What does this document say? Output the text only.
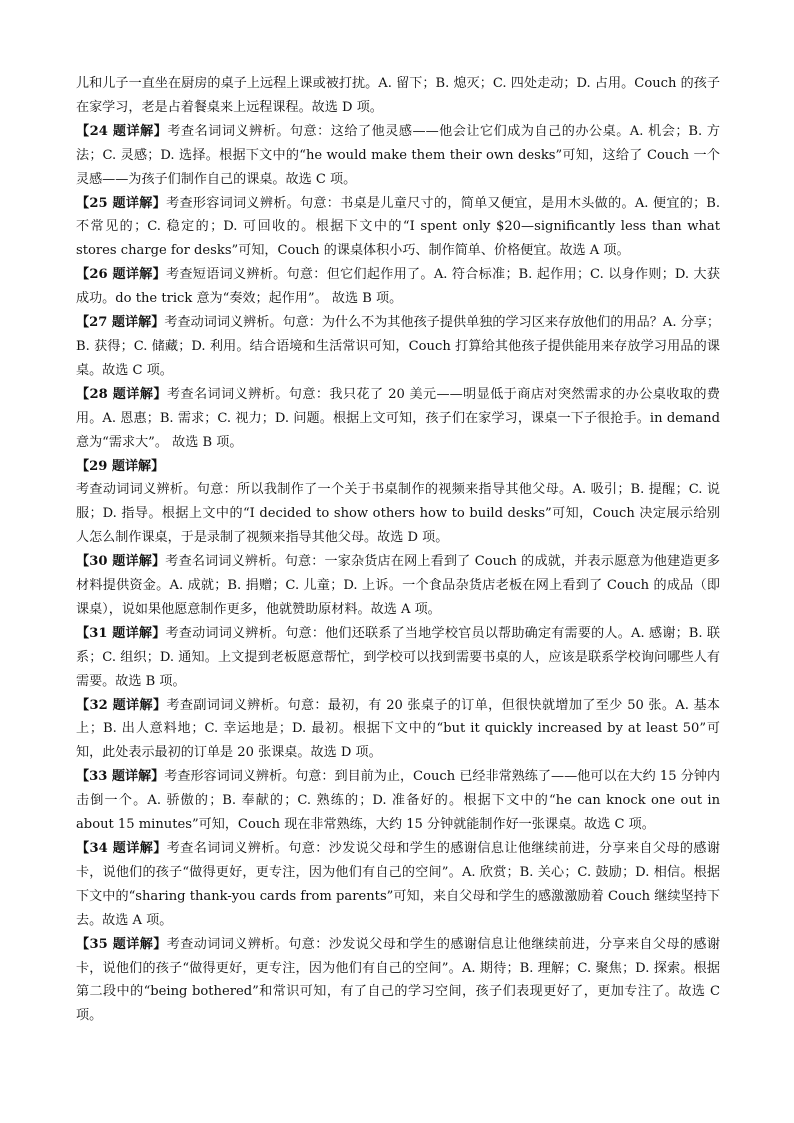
儿和儿子一直坐在厨房的桌子上远程上课或被打扰。A. 留下；B. 熄灭；C. 四处走动；D. 占用。Couch 的孩子在家学习，老是占着餐桌来上远程课程。故选 D 项。

【24 题详解】考查名词词义辨析。句意：这给了他灵感——他会让它们成为自己的办公桌。A. 机会；B. 方法；C. 灵感；D. 选择。根据下文中的“he would make them their own desks”可知，这给了 Couch 一个灵感——为孩子们制作自己的课桌。故选 C 项。

【25 题详解】考查形容词词义辨析。句意：书桌是儿童尺寸的，简单又便宜，是用木头做的。A. 便宜的；B. 不常见的；C. 稳定的；D. 可回收的。根据下文中的“I spent only $20—significantly less than what stores charge for desks”可知，Couch 的课桌体积小巧、制作简单、价格便宜。故选 A 项。

【26 题详解】考查短语词义辨析。句意：但它们起作用了。A. 符合标准；B. 起作用；C. 以身作则；D. 大获成功。do the trick 意为“奏效；起作用”。 故选 B 项。

【27 题详解】考查动词词义辨析。句意：为什么不为其他孩子提供单独的学习区来存放他们的用品？A. 分享；B. 获得；C. 储藏；D. 利用。结合语境和生活常识可知，Couch 打算给其他孩子提供能用来存放学习用品的课桌。故选 C 项。

【28 题详解】考查名词词义辨析。句意：我只花了 20 美元——明显低于商店对突然需求的办公桌收取的费用。A. 恩惠；B. 需求；C. 视力；D. 问题。根据上文可知，孩子们在家学习，课桌一下子很抢手。in demand 意为“需求大”。 故选 B 项。

【29 题详解】

考查动词词义辨析。句意：所以我制作了一个关于书桌制作的视频来指导其他父母。A. 吸引；B. 提醒；C. 说服；D. 指导。根据上文中的“I decided to show others how to build desks”可知，Couch 决定展示给别人怎么制作课桌，于是录制了视频来指导其他父母。故选 D 项。

【30 题详解】考查名词词义辨析。句意：一家杂货店在网上看到了 Couch 的成就，并表示愿意为他建造更多材料提供资金。A. 成就；B. 捐赠；C. 儿童；D. 上诉。一个食品杂货店老板在网上看到了 Couch 的成品（即课桌），说如果他愿意制作更多，他就赞助原材料。故选 A 项。

【31 题详解】考查动词词义辨析。句意：他们还联系了当地学校官员以帮助确定有需要的人。A. 感谢；B. 联系；C. 组织；D. 通知。上文提到老板愿意帮忙，到学校可以找到需要书桌的人，应该是联系学校询问哪些人有需要。故选 B 项。

【32 题详解】考查副词词义辨析。句意：最初，有 20 张桌子的订单，但很快就增加了至少 50 张。A. 基本上；B. 出人意料地；C. 幸运地是；D. 最初。根据下文中的“but it quickly increased by at least 50”可知，此处表示最初的订单是 20 张课桌。故选 D 项。

【33 题详解】考查形容词词义辨析。句意：到目前为止，Couch 已经非常熟练了——他可以在大约 15 分钟内击倒一个。A. 骄傲的；B. 奉献的；C. 熟练的；D. 准备好的。根据下文中的“he can knock one out in about 15 minutes”可知，Couch 现在非常熟练，大约 15 分钟就能制作好一张课桌。故选 C 项。

【34 题详解】考查名词词义辨析。句意：沙发说父母和学生的感谢信息让他继续前进，分享来自父母的感谢卡，说他们的孩子“做得更好，更专注，因为他们有自己的空间”。A. 欣赏；B. 关心；C. 鼓励；D. 相信。根据下文中的“sharing thank-you cards from parents”可知，来自父母和学生的感激激励着 Couch 继续坚持下去。故选 A 项。

【35 题详解】考查动词词义辨析。句意：沙发说父母和学生的感谢信息让他继续前进，分享来自父母的感谢卡，说他们的孩子“做得更好，更专注，因为他们有自己的空间”。A. 期待；B. 理解；C. 聚焦；D. 探索。根据第二段中的“being bothered”和常识可知，有了自己的学习空间，孩子们表现更好了，更加专注了。故选 C 项。
